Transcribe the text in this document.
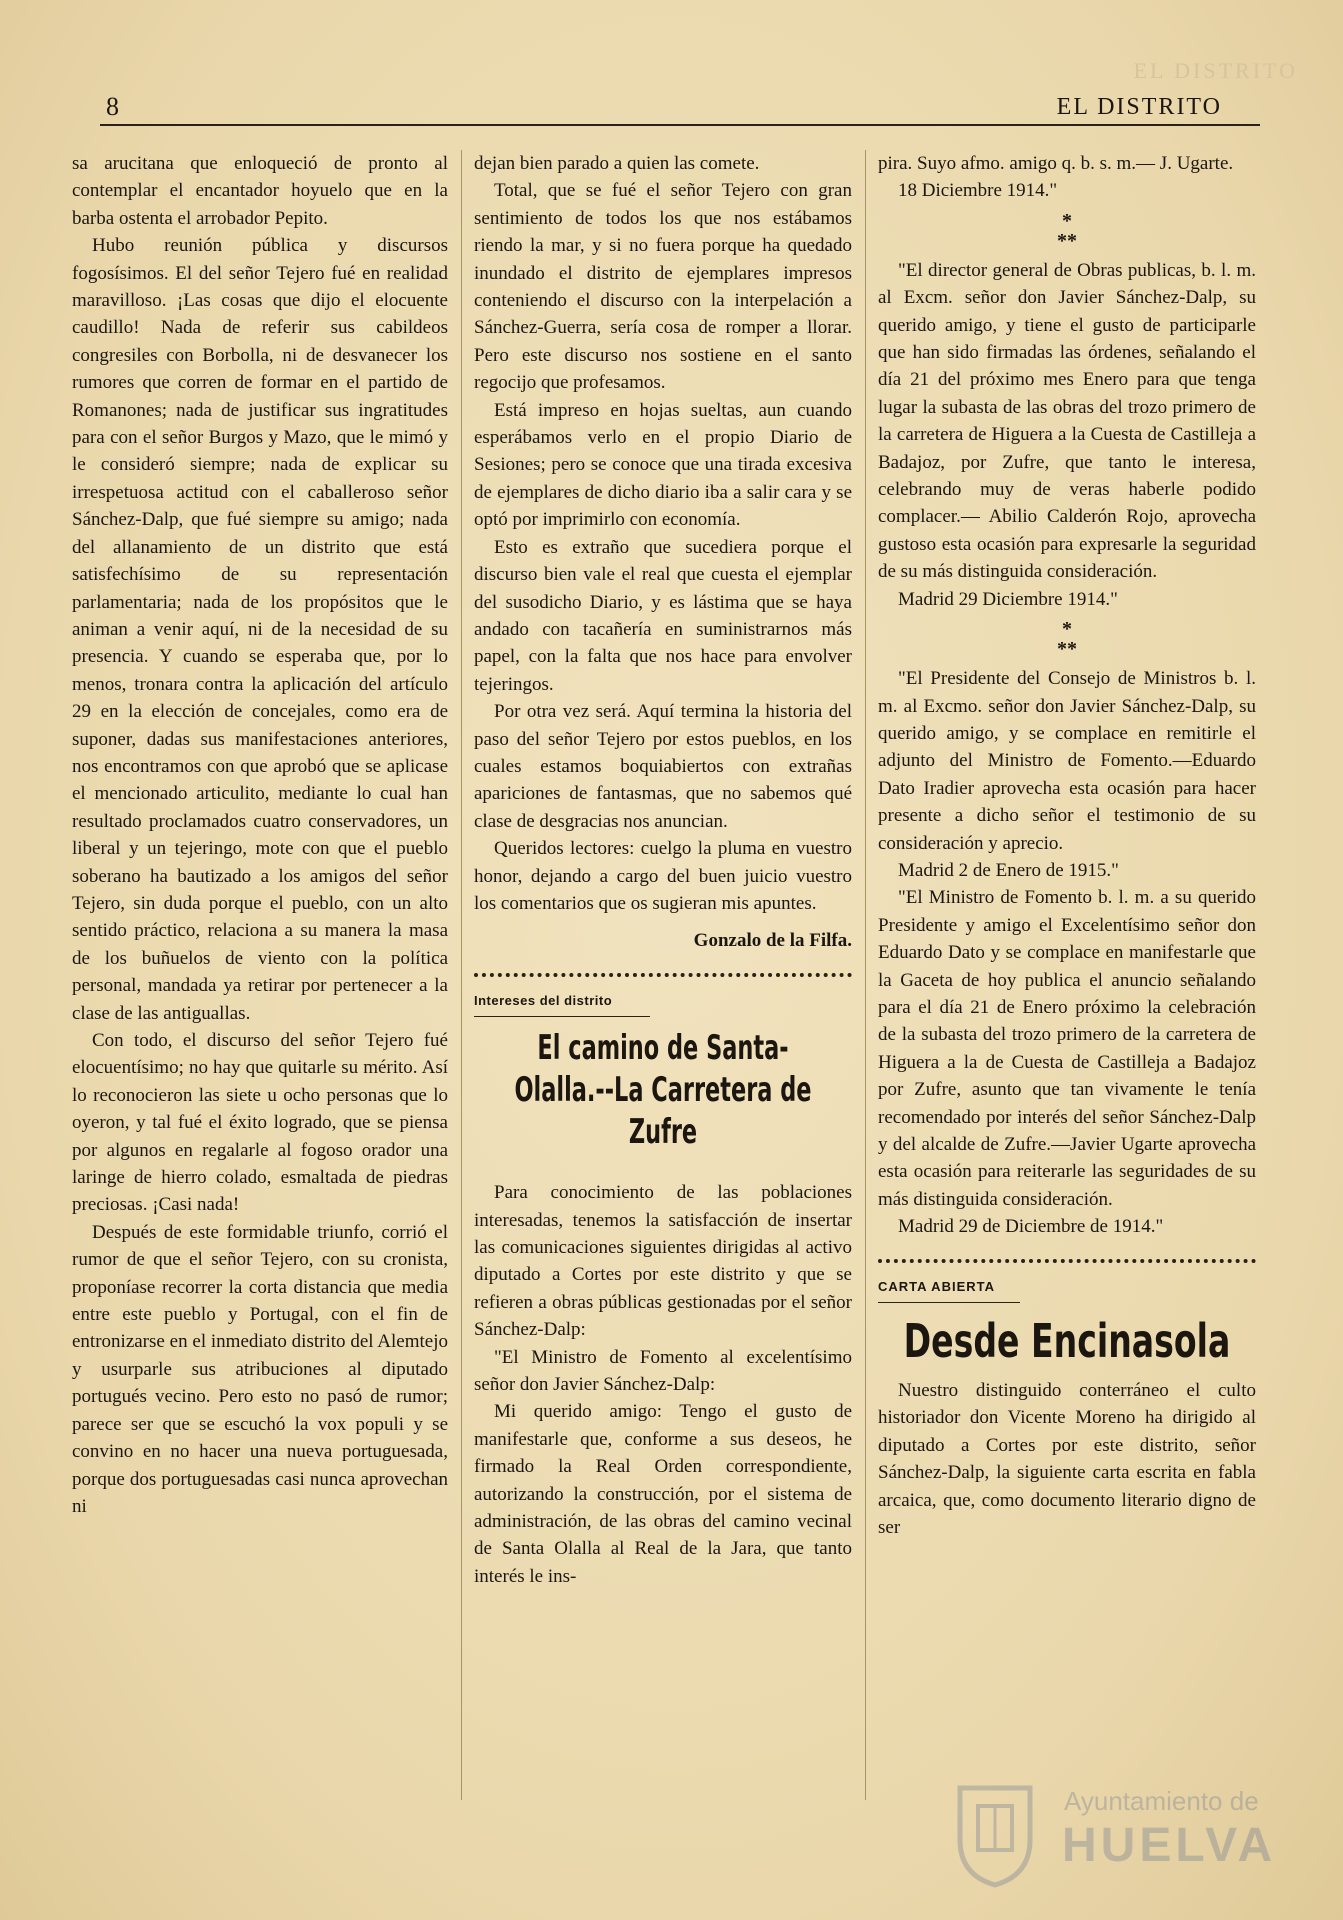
EL DISTRITO
8	EL DISTRITO

sa arucitana que enloqueció de pronto al contemplar el encantador hoyuelo que en la barba ostenta el arrobador Pepito.

Hubo reunión pública y discursos fogosísimos. El del señor Tejero fué en realidad maravilloso. ¡Las cosas que dijo el elocuente caudillo! Nada de referir sus cabildeos congresiles con Borbolla, ni de desvanecer los rumores que corren de formar en el partido de Romanones; nada de justificar sus ingratitudes para con el señor Burgos y Mazo, que le mimó y le consideró siempre; nada de explicar su irrespetuosa actitud con el caballeroso señor Sánchez-Dalp, que fué siempre su amigo; nada del allanamiento de un distrito que está satisfechísimo de su representación parlamentaria; nada de los propósitos que le animan a venir aquí, ni de la necesidad de su presencia. Y cuando se esperaba que, por lo menos, tronara contra la aplicación del artículo 29 en la elección de concejales, como era de suponer, dadas sus manifestaciones anteriores, nos encontramos con que aprobó que se aplicase el mencionado articulito, mediante lo cual han resultado proclamados cuatro conservadores, un liberal y un tejeringo, mote con que el pueblo soberano ha bautizado a los amigos del señor Tejero, sin duda porque el pueblo, con un alto sentido práctico, relaciona a su manera la masa de los buñuelos de viento con la política personal, mandada ya retirar por pertenecer a la clase de las antiguallas.

Con todo, el discurso del señor Tejero fué elocuentísimo; no hay que quitarle su mérito. Así lo reconocieron las siete u ocho personas que lo oyeron, y tal fué el éxito logrado, que se piensa por algunos en regalarle al fogoso orador una laringe de hierro colado, esmaltada de piedras preciosas. ¡Casi nada!

Después de este formidable triunfo, corrió el rumor de que el señor Tejero, con su cronista, proponíase recorrer la corta distancia que media entre este pueblo y Portugal, con el fin de entronizarse en el inmediato distrito del Alemtejo y usurparle sus atribuciones al diputado portugués vecino. Pero esto no pasó de rumor; parece ser que se escuchó la vox populi y se convino en no hacer una nueva portuguesada, porque dos portuguesadas casi nunca aprovechan ni

dejan bien parado a quien las comete.

Total, que se fué el señor Tejero con gran sentimiento de todos los que nos estábamos riendo la mar, y si no fuera porque ha quedado inundado el distrito de ejemplares impresos conteniendo el discurso con la interpelación a Sánchez-Guerra, sería cosa de romper a llorar. Pero este discurso nos sostiene en el santo regocijo que profesamos.

Está impreso en hojas sueltas, aun cuando esperábamos verlo en el propio Diario de Sesiones; pero se conoce que una tirada excesiva de ejemplares de dicho diario iba a salir cara y se optó por imprimirlo con economía.

Esto es extraño que sucediera porque el discurso bien vale el real que cuesta el ejemplar del susodicho Diario, y es lástima que se haya andado con tacañería en suministrarnos más papel, con la falta que nos hace para envolver tejeringos.

Por otra vez será. Aquí termina la historia del paso del señor Tejero por estos pueblos, en los cuales estamos boquiabiertos con extrañas apariciones de fantasmas, que no sabemos qué clase de desgracias nos anuncian.

Queridos lectores: cuelgo la pluma en vuestro honor, dejando a cargo del buen juicio vuestro los comentarios que os sugieran mis apuntes.

Gonzalo de la Filfa.

Intereses del distrito

El camino de Santa-Olalla.--La Carretera de Zufre

Para conocimiento de las poblaciones interesadas, tenemos la satisfacción de insertar las comunicaciones siguientes dirigidas al activo diputado a Cortes por este distrito y que se refieren a obras públicas gestionadas por el señor Sánchez-Dalp:

"El Ministro de Fomento al excelentísimo señor don Javier Sánchez-Dalp:

Mi querido amigo: Tengo el gusto de manifestarle que, conforme a sus deseos, he firmado la Real Orden correspondiente, autorizando la construcción, por el sistema de administración, de las obras del camino vecinal de Santa Olalla al Real de la Jara, que tanto interés le ins-

pira. Suyo afmo. amigo q. b. s. m.— J. Ugarte.

18 Diciembre 1914."

*
**

"El director general de Obras publicas, b. l. m. al Excm. señor don Javier Sánchez-Dalp, su querido amigo, y tiene el gusto de participarle que han sido firmadas las órdenes, señalando el día 21 del próximo mes Enero para que tenga lugar la subasta de las obras del trozo primero de la carretera de Higuera a la Cuesta de Castilleja a Badajoz, por Zufre, que tanto le interesa, celebrando muy de veras haberle podido complacer.— Abilio Calderón Rojo, aprovecha gustoso esta ocasión para expresarle la seguridad de su más distinguida consideración.

Madrid 29 Diciembre 1914."

*
**

"El Presidente del Consejo de Ministros b. l. m. al Excmo. señor don Javier Sánchez-Dalp, su querido amigo, y se complace en remitirle el adjunto del Ministro de Fomento.—Eduardo Dato Iradier aprovecha esta ocasión para hacer presente a dicho señor el testimonio de su consideración y aprecio.

Madrid 2 de Enero de 1915."

"El Ministro de Fomento b. l. m. a su querido Presidente y amigo el Excelentísimo señor don Eduardo Dato y se complace en manifestarle que la Gaceta de hoy publica el anuncio señalando para el día 21 de Enero próximo la celebración de la subasta del trozo primero de la carretera de Higuera a la de Cuesta de Castilleja a Badajoz por Zufre, asunto que tan vivamente le tenía recomendado por interés del señor Sánchez-Dalp y del alcalde de Zufre.—Javier Ugarte aprovecha esta ocasión para reiterarle las seguridades de su más distinguida consideración.

Madrid 29 de Diciembre de 1914."

CARTA ABIERTA

Desde Encinasola

Nuestro distinguido conterráneo el culto historiador don Vicente Moreno ha dirigido al diputado a Cortes por este distrito, señor Sánchez-Dalp, la siguiente carta escrita en fabla arcaica, que, como documento literario digno de ser

Ayuntamiento de
HUELVA
